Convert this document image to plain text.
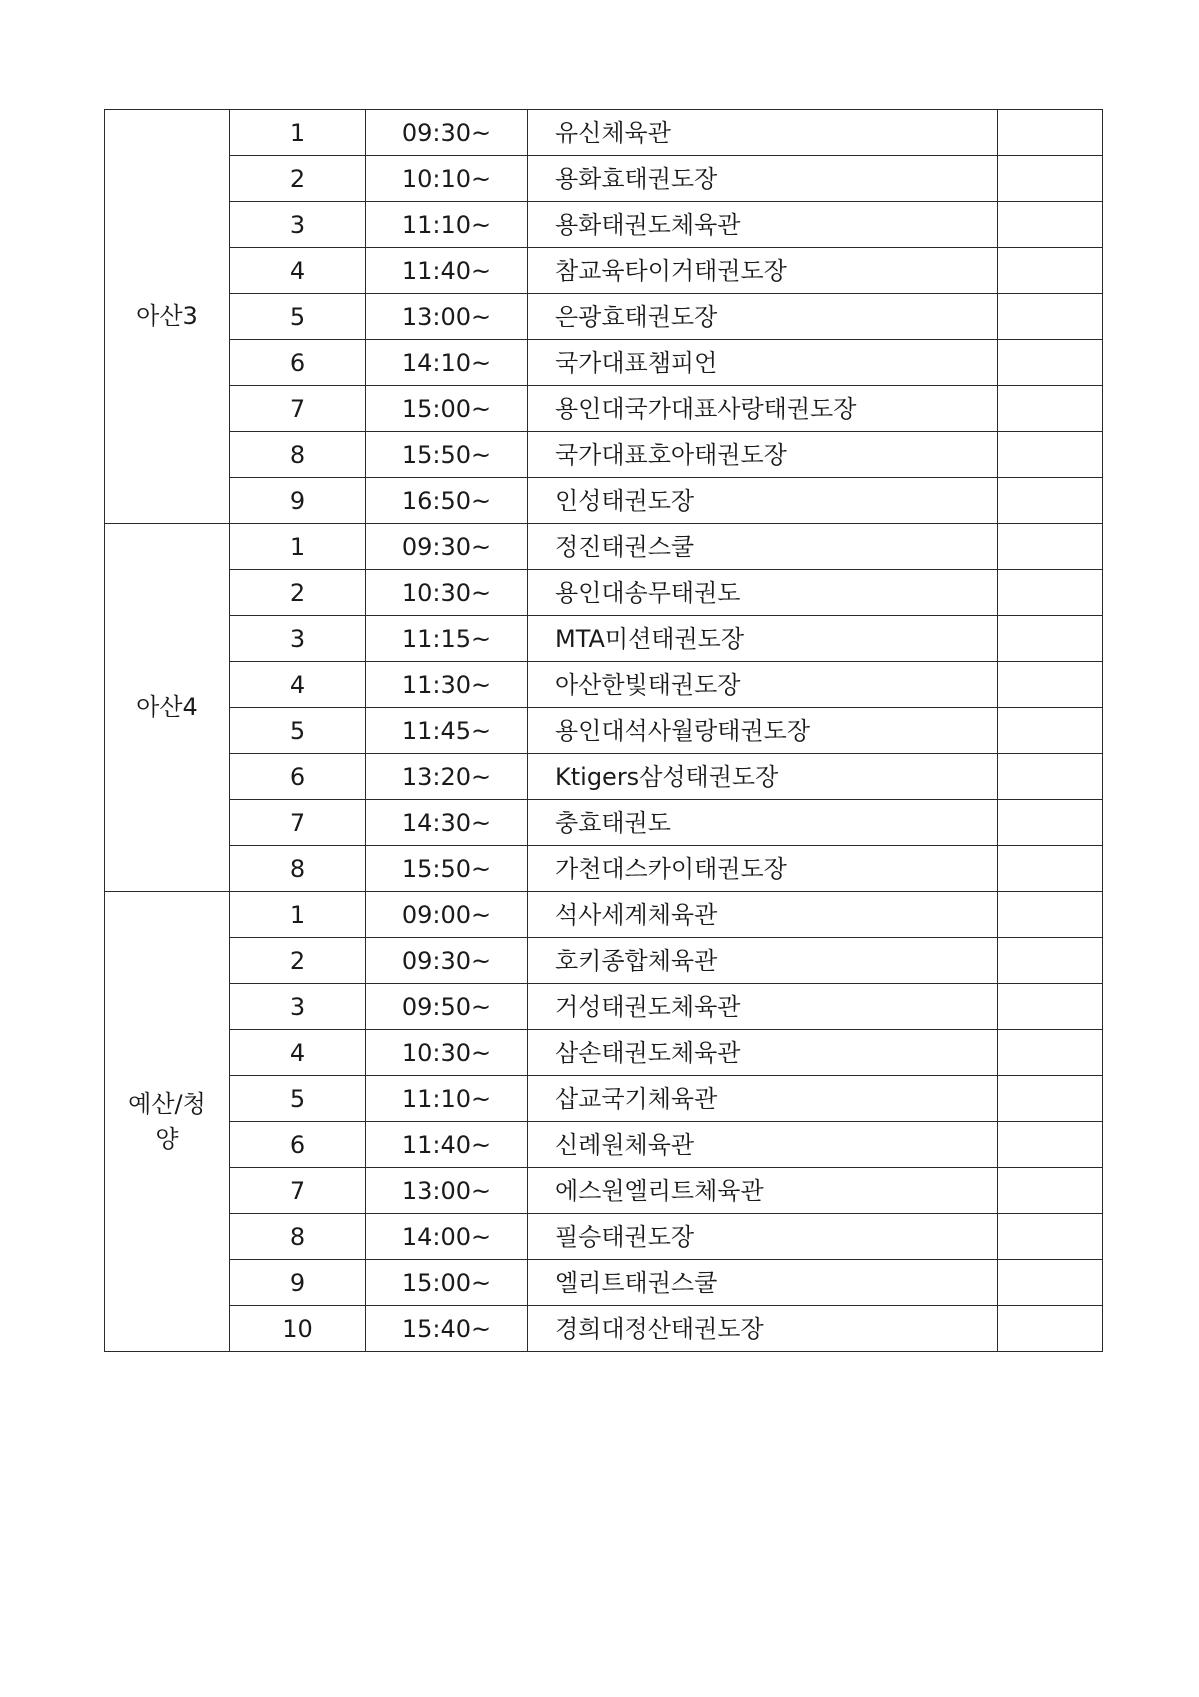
아산3	1	09:30~	유신체육관	
	2	10:10~	용화효태권도장	
	3	11:10~	용화태권도체육관	
	4	11:40~	참교육타이거태권도장	
	5	13:00~	은광효태권도장	
	6	14:10~	국가대표챔피언	
	7	15:00~	용인대국가대표사랑태권도장	
	8	15:50~	국가대표호아태권도장	
	9	16:50~	인성태권도장	
아산4	1	09:30~	정진태권스쿨	
	2	10:30~	용인대송무태권도	
	3	11:15~	MTA미션태권도장	
	4	11:30~	아산한빛태권도장	
	5	11:45~	용인대석사월랑태권도장	
	6	13:20~	Ktigers삼성태권도장	
	7	14:30~	충효태권도	
	8	15:50~	가천대스카이태권도장	
예산/청양	1	09:00~	석사세계체육관	
	2	09:30~	호키종합체육관	
	3	09:50~	거성태권도체육관	
	4	10:30~	삼손태권도체육관	
	5	11:10~	삽교국기체육관	
	6	11:40~	신례원체육관	
	7	13:00~	에스원엘리트체육관	
	8	14:00~	필승태권도장	
	9	15:00~	엘리트태권스쿨	
	10	15:40~	경희대정산태권도장	
